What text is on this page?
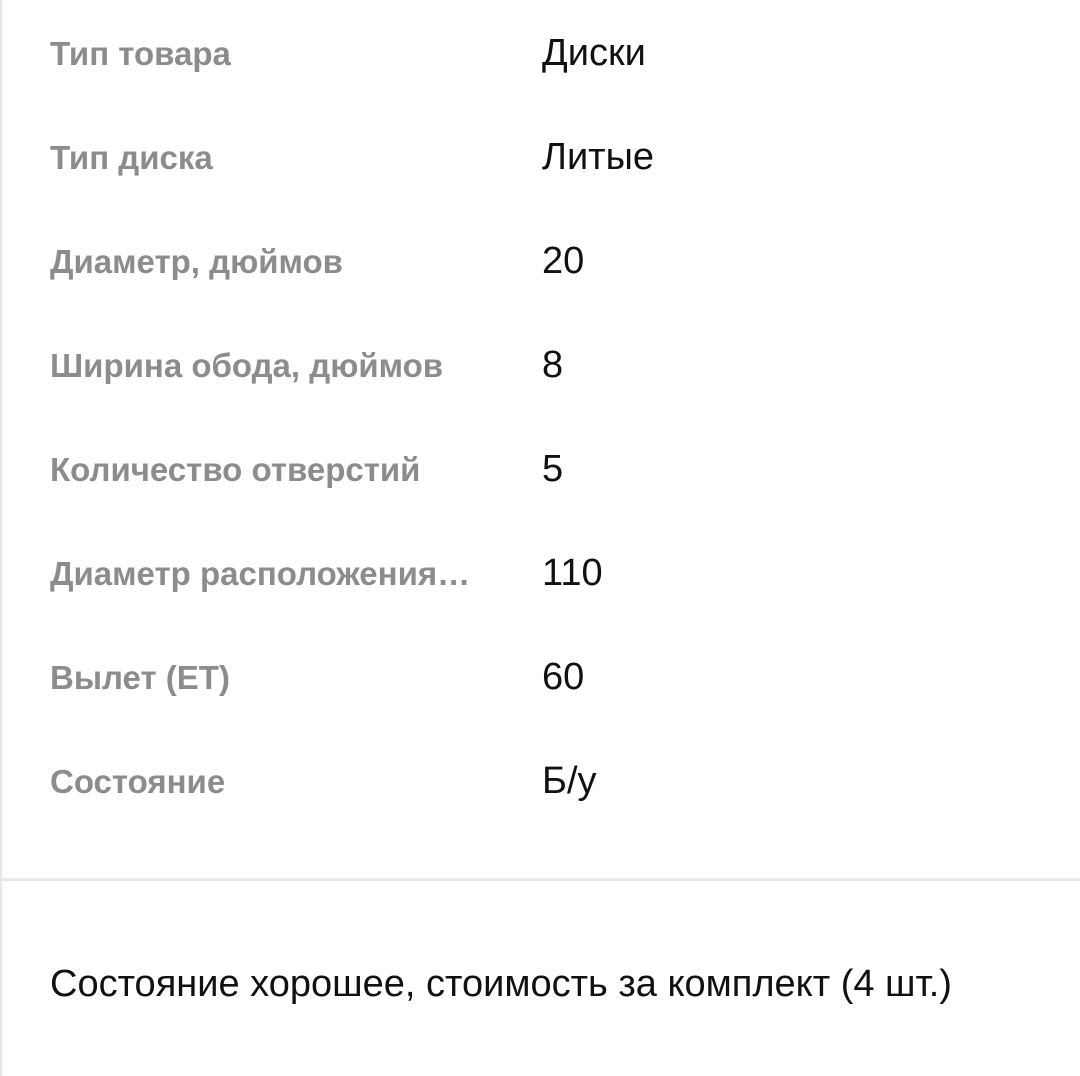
Тип товара	Диски
Тип диска	Литые
Диаметр, дюймов	20
Ширина обода, дюймов	8
Количество отверстий	5
Диаметр расположения…	110
Вылет (ET)	60
Состояние	Б/у
Состояние хорошее, стоимость за комплект (4 шт.)
